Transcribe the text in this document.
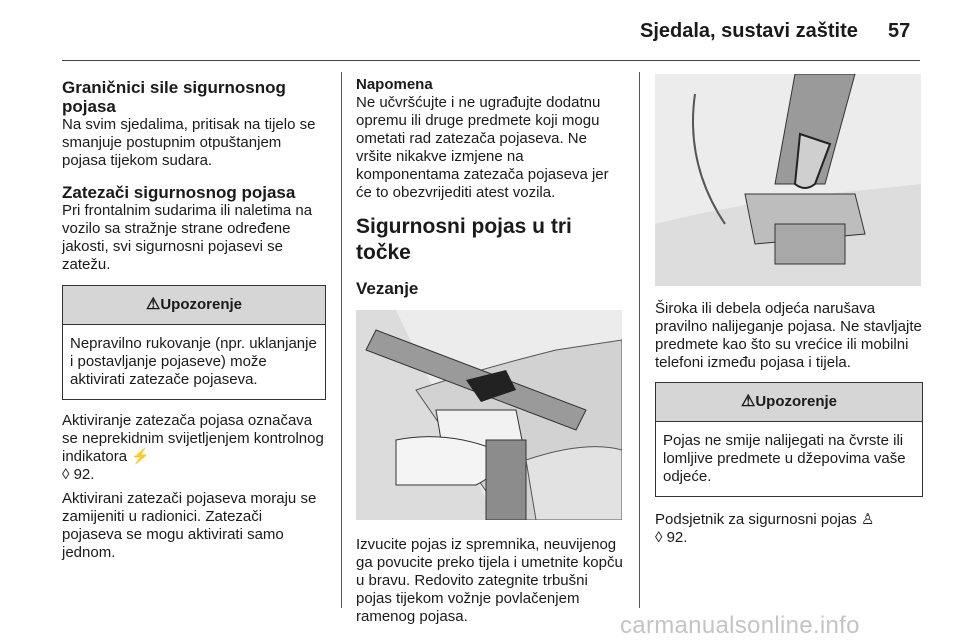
Sjedala, sustavi zaštite 57
Graničnici sile sigurnosnog pojasa

Na svim sjedalima, pritisak na tijelo se smanjuje postupnim otpuštanjem pojasa tijekom sudara.

Zatezači sigurnosnog pojasa

Pri frontalnim sudarima ili naletima na vozilo sa stražnje strane određene jakosti, svi sigurnosni pojasevi se zatežu.

⚠Upozorenje
Nepravilno rukovanje (npr. uklanjanje i postavljanje pojaseve) može aktivirati zatezače pojaseva.

Aktiviranje zatezača pojasa označava se neprekidnim svijetljenjem kontrolnog indikatora ⚡
◊ 92.

Aktivirani zatezači pojaseva moraju se zamijeniti u radionici. Zatezači pojaseva se mogu aktivirati samo jednom.

Napomena

Ne učvršćujte i ne ugrađujte dodatnu opremu ili druge predmete koji mogu ometati rad zatezača pojaseva. Ne vršite nikakve izmjene na komponentama zatezača pojaseva jer će to obezvrijediti atest vozila.

Sigurnosni pojas u tri točke
Vezanje

Izvucite pojas iz spremnika, neuvijenog ga povucite preko tijela i umetnite kopču u bravu. Redovito zategnite trbušni pojas tijekom vožnje povlačenjem ramenog pojasa.

Široka ili debela odjeća narušava pravilno nalijeganje pojasa. Ne stavljajte predmete kao što su vrećice ili mobilni telefoni između pojasa i tijela.

⚠Upozorenje
Pojas ne smije nalijegati na čvrste ili lomljive predmete u džepovima vaše odjeće.

Podsjetnik za sigurnosni pojas ♙
◊ 92.

carmanualsonline.info
